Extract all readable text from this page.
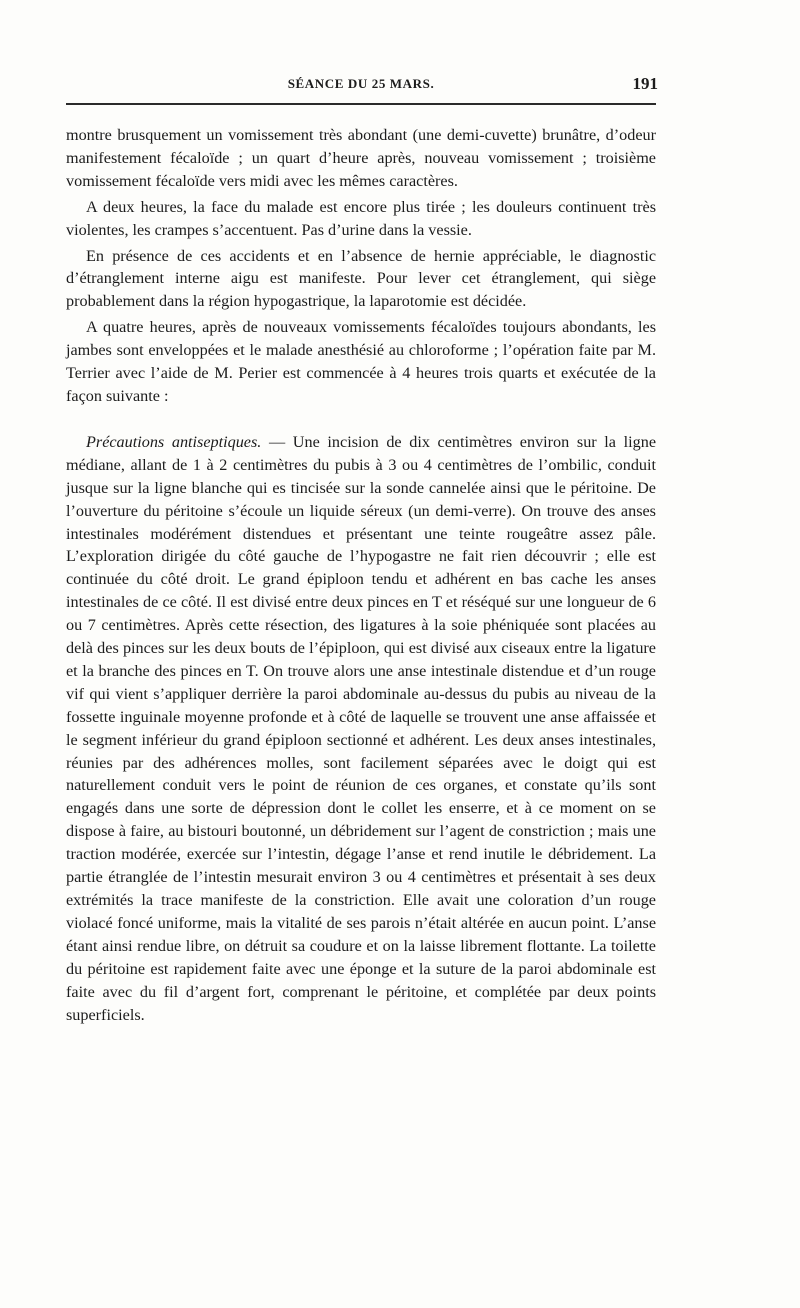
SÉANCE DU 25 MARS.	191

montre brusquement un vomissement très abondant (une demi-cuvette) brunâtre, d’odeur manifestement fécaloïde ; un quart d’heure après, nouveau vomissement ; troisième vomissement fécaloïde vers midi avec les mêmes caractères.

A deux heures, la face du malade est encore plus tirée ; les douleurs continuent très violentes, les crampes s’accentuent. Pas d’urine dans la vessie.

En présence de ces accidents et en l’absence de hernie appréciable, le diagnostic d’étranglement interne aigu est manifeste. Pour lever cet étranglement, qui siège probablement dans la région hypogastrique, la laparotomie est décidée.

A quatre heures, après de nouveaux vomissements fécaloïdes toujours abondants, les jambes sont enveloppées et le malade anesthésié au chloroforme ; l’opération faite par M. Terrier avec l’aide de M. Perier est commencée à 4 heures trois quarts et exécutée de la façon suivante :

Précautions antiseptiques. — Une incision de dix centimètres environ sur la ligne médiane, allant de 1 à 2 centimètres du pubis à 3 ou 4 centimètres de l’ombilic, conduit jusque sur la ligne blanche qui es tincisée sur la sonde cannelée ainsi que le péritoine. De l’ouverture du péritoine s’écoule un liquide séreux (un demi-verre). On trouve des anses intestinales modérément distendues et présentant une teinte rougeâtre assez pâle. L’exploration dirigée du côté gauche de l’hypogastre ne fait rien découvrir ; elle est continuée du côté droit. Le grand épiploon tendu et adhérent en bas cache les anses intestinales de ce côté. Il est divisé entre deux pinces en T et réséqué sur une longueur de 6 ou 7 centimètres. Après cette résection, des ligatures à la soie phéniquée sont placées au delà des pinces sur les deux bouts de l’épiploon, qui est divisé aux ciseaux entre la ligature et la branche des pinces en T. On trouve alors une anse intestinale distendue et d’un rouge vif qui vient s’appliquer derrière la paroi abdominale au-dessus du pubis au niveau de la fossette inguinale moyenne profonde et à côté de laquelle se trouvent une anse affaissée et le segment inférieur du grand épiploon sectionné et adhérent. Les deux anses intestinales, réunies par des adhérences molles, sont facilement séparées avec le doigt qui est naturellement conduit vers le point de réunion de ces organes, et constate qu’ils sont engagés dans une sorte de dépression dont le collet les enserre, et à ce moment on se dispose à faire, au bistouri boutonné, un débridement sur l’agent de constriction ; mais une traction modérée, exercée sur l’intestin, dégage l’anse et rend inutile le débridement. La partie étranglée de l’intestin mesurait environ 3 ou 4 centimètres et présentait à ses deux extrémités la trace manifeste de la constriction. Elle avait une coloration d’un rouge violacé foncé uniforme, mais la vitalité de ses parois n’était altérée en aucun point. L’anse étant ainsi rendue libre, on détruit sa coudure et on la laisse librement flottante. La toilette du péritoine est rapidement faite avec une éponge et la suture de la paroi abdominale est faite avec du fil d’argent fort, comprenant le péritoine, et complétée par deux points superficiels.
